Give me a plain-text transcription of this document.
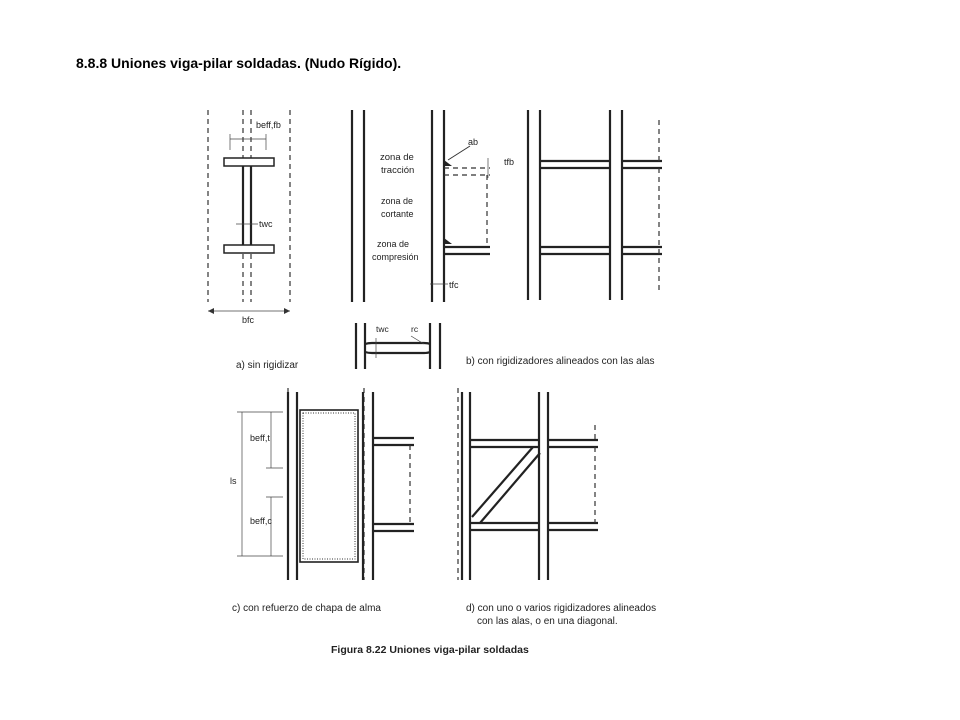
8.8.8 Uniones viga-pilar soldadas. (Nudo Rígido).
beff,fb
twc
bfc
zona de
tracción
zona de
cortante
zona de
compresión
ab
tfb
tfc
twc	rc
a) sin rigidizar	b) con rigidizadores alineados con las alas
beff,t
beff,c
ls
c) con refuerzo de chapa de alma	d) con uno o varios rigidizadores alineados
con las alas, o en una diagonal.
Figura 8.22 Uniones viga-pilar soldadas
